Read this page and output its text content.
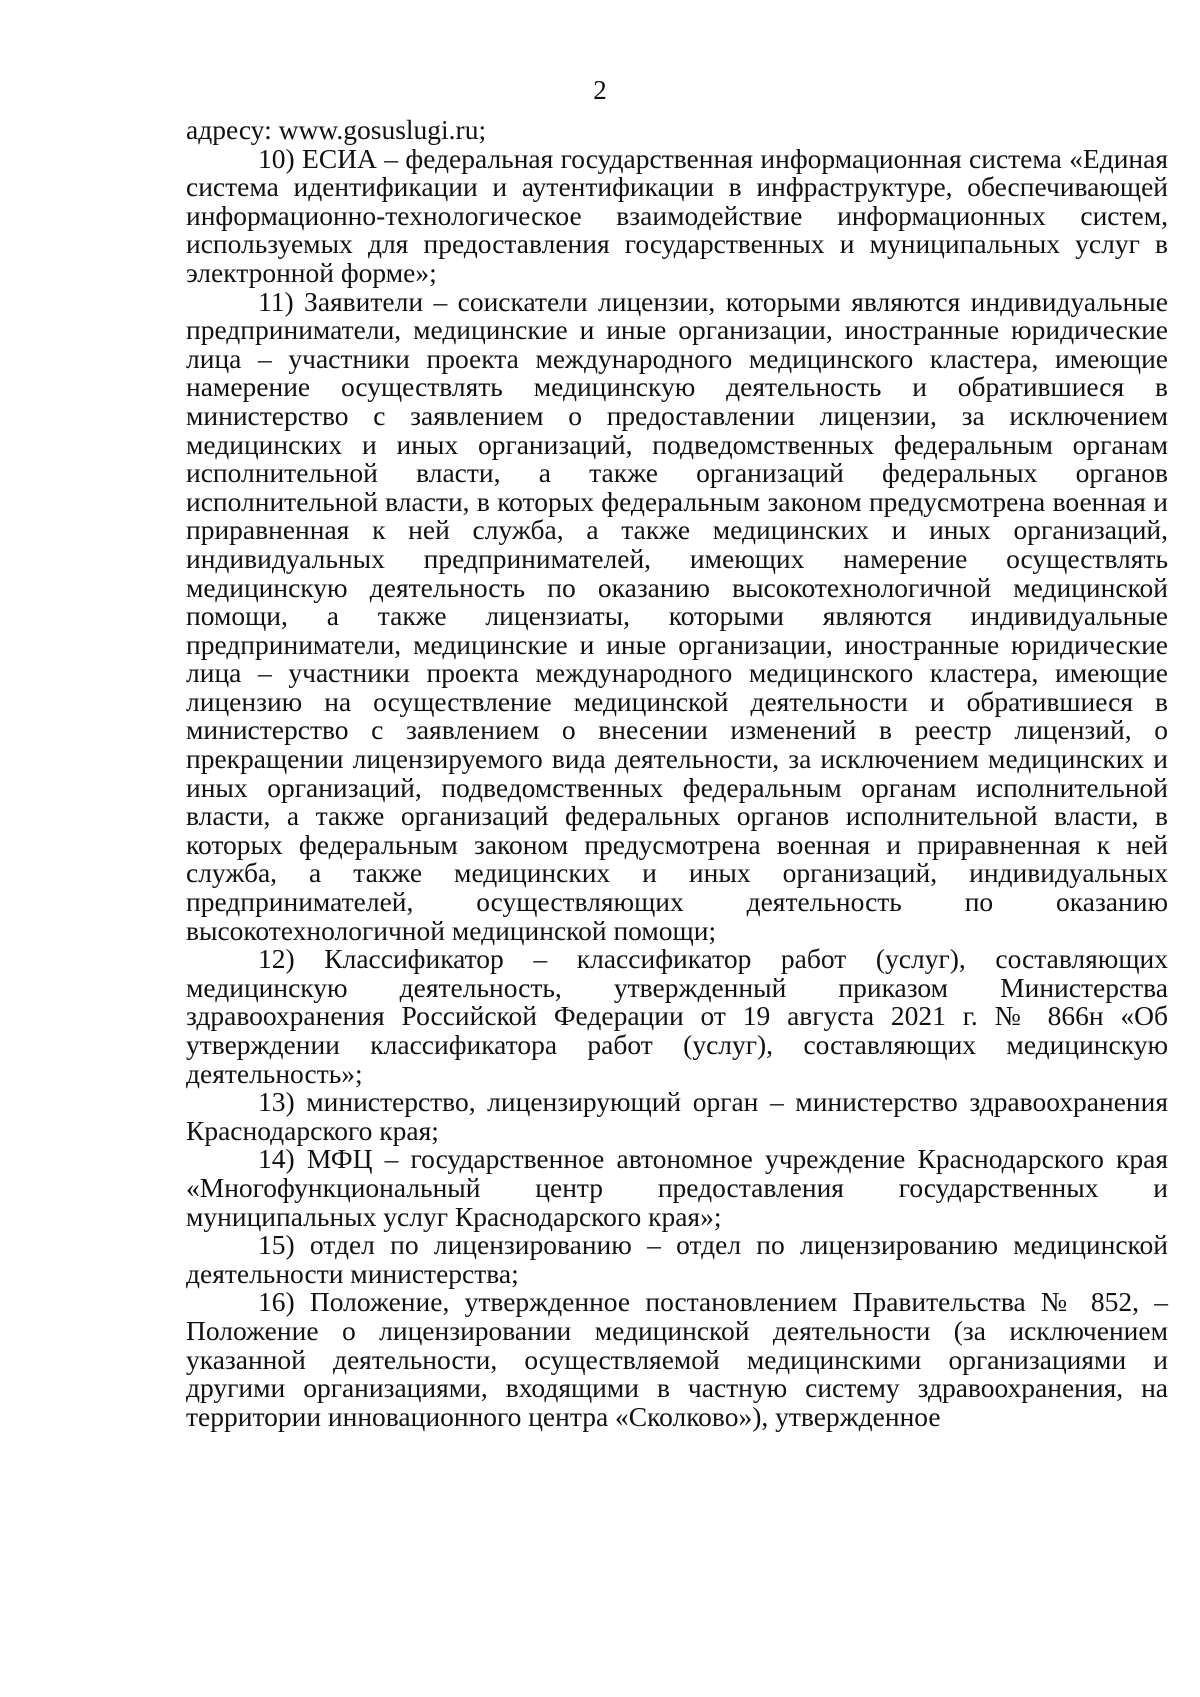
2

адресу: www.gosuslugi.ru;

10) ЕСИА – федеральная государственная информационная система «Единая система идентификации и аутентификации в инфраструктуре, обеспечивающей информационно-технологическое взаимодействие информационных систем, используемых для предоставления государственных и муниципальных услуг в электронной форме»;

11) Заявители – соискатели лицензии, которыми являются индивидуальные предприниматели, медицинские и иные организации, иностранные юридические лица – участники проекта международного медицинского кластера, имеющие намерение осуществлять медицинскую деятельность и обратившиеся в министерство с заявлением о предоставлении лицензии, за исключением медицинских и иных организаций, подведомственных федеральным органам исполнительной власти, а также организаций федеральных органов исполнительной власти, в которых федеральным законом предусмотрена военная и приравненная к ней служба, а также медицинских и иных организаций, индивидуальных предпринимателей, имеющих намерение осуществлять медицинскую деятельность по оказанию высокотехнологичной медицинской помощи, а также лицензиаты, которыми являются индивидуальные предприниматели, медицинские и иные организации, иностранные юридические лица – участники проекта международного медицинского кластера, имеющие лицензию на осуществление медицинской деятельности и обратившиеся в министерство с заявлением о внесении изменений в реестр лицензий, о прекращении лицензируемого вида деятельности, за исключением медицинских и иных организаций, подведомственных федеральным органам исполнительной власти, а также организаций федеральных органов исполнительной власти, в которых федеральным законом предусмотрена военная и приравненная к ней служба, а также медицинских и иных организаций, индивидуальных предпринимателей, осуществляющих деятельность по оказанию высокотехнологичной медицинской помощи;

12) Классификатор – классификатор работ (услуг), составляющих медицинскую деятельность, утвержденный приказом Министерства здравоохранения Российской Федерации от 19 августа 2021 г. № 866н «Об утверждении классификатора работ (услуг), составляющих медицинскую деятельность»;

13) министерство, лицензирующий орган – министерство здравоохранения Краснодарского края;

14) МФЦ – государственное автономное учреждение Краснодарского края «Многофункциональный центр предоставления государственных и муниципальных услуг Краснодарского края»;

15) отдел по лицензированию – отдел по лицензированию медицинской деятельности министерства;

16) Положение, утвержденное постановлением Правительства № 852, – Положение о лицензировании медицинской деятельности (за исключением указанной деятельности, осуществляемой медицинскими организациями и другими организациями, входящими в частную систему здравоохранения, на территории инновационного центра «Сколково»), утвержденное
